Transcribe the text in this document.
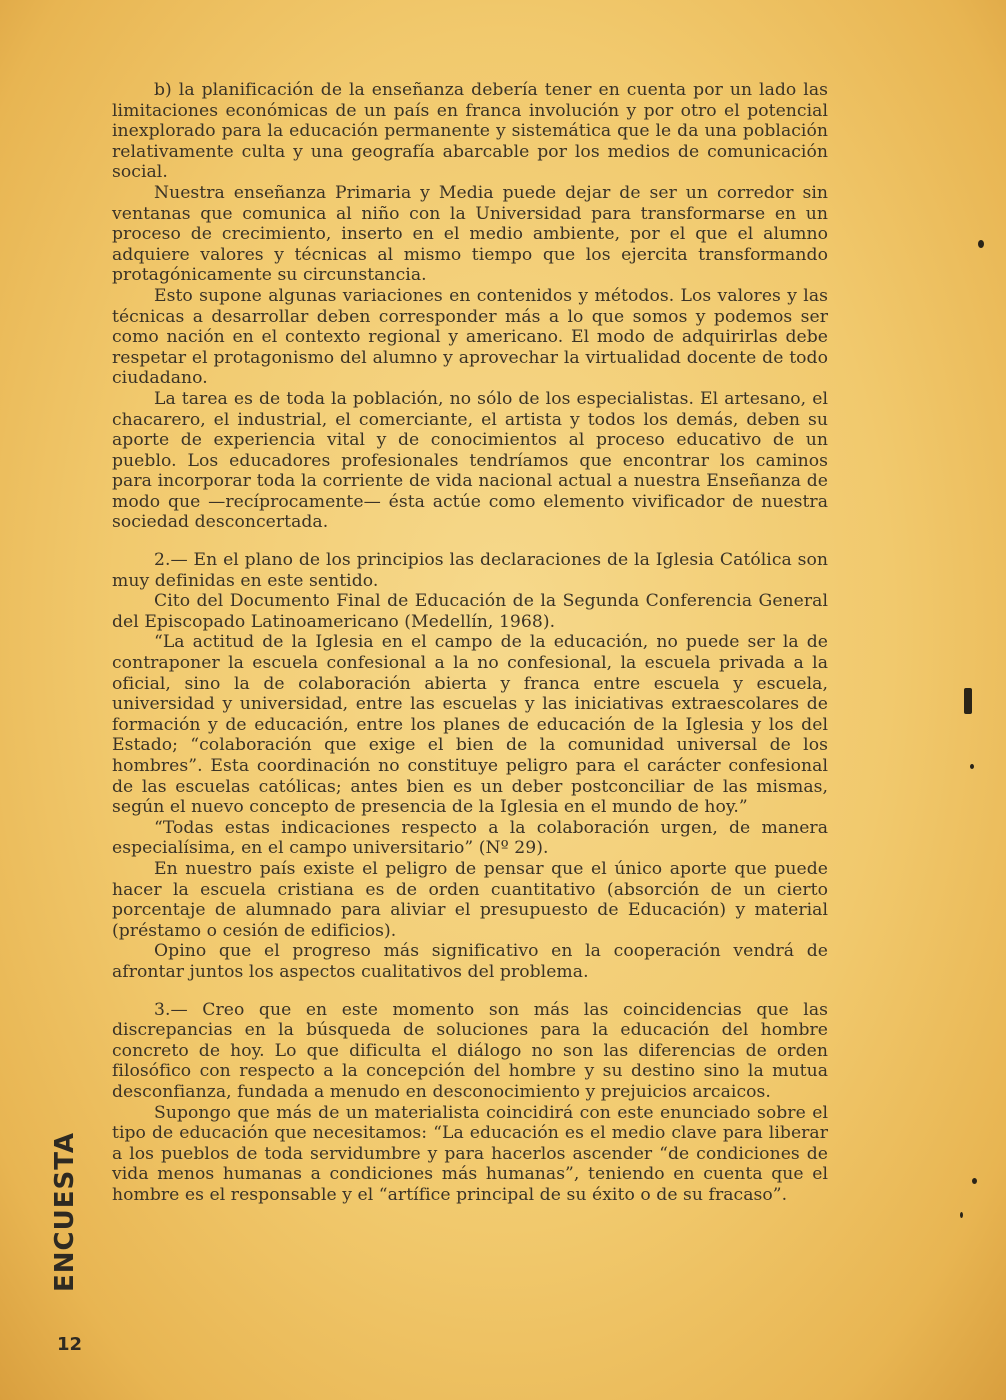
b) la planificación de la enseñanza debería tener en cuenta por un lado las limitaciones económicas de un país en franca involución y por otro el potencial inexplorado para la educación permanente y sistemática que le da una población relativamente culta y una geografía abarcable por los medios de comunicación social.

Nuestra enseñanza Primaria y Media puede dejar de ser un corredor sin ventanas que comunica al niño con la Universidad para transformarse en un proceso de crecimiento, inserto en el medio ambiente, por el que el alumno adquiere valores y técnicas al mismo tiempo que los ejercita transformando protagónicamente su circunstancia.

Esto supone algunas variaciones en contenidos y métodos. Los valores y las técnicas a desarrollar deben corresponder más a lo que somos y podemos ser como nación en el contexto regional y americano. El modo de adquirirlas debe respetar el protagonismo del alumno y aprovechar la virtualidad docente de todo ciudadano.

La tarea es de toda la población, no sólo de los especialistas. El artesano, el chacarero, el industrial, el comerciante, el artista y todos los demás, deben su aporte de experiencia vital y de conocimientos al proceso educativo de un pueblo. Los educadores profesionales tendríamos que encontrar los caminos para incorporar toda la corriente de vida nacional actual a nuestra Enseñanza de modo que —recíprocamente— ésta actúe como elemento vivificador de nuestra sociedad desconcertada.

2.— En el plano de los principios las declaraciones de la Iglesia Católica son muy definidas en este sentido.

Cito del Documento Final de Educación de la Segunda Conferencia General del Episcopado Latinoamericano (Medellín, 1968).

“La actitud de la Iglesia en el campo de la educación, no puede ser la de contraponer la escuela confesional a la no confesional, la escuela privada a la oficial, sino la de colaboración abierta y franca entre escuela y escuela, universidad y universidad, entre las escuelas y las iniciativas extraescolares de formación y de educación, entre los planes de educación de la Iglesia y los del Estado; “colaboración que exige el bien de la comunidad universal de los hombres”. Esta coordinación no constituye peligro para el carácter confesional de las escuelas católicas; antes bien es un deber postconciliar de las mismas, según el nuevo concepto de presencia de la Iglesia en el mundo de hoy.”

“Todas estas indicaciones respecto a la colaboración urgen, de manera especialísima, en el campo universitario” (Nº 29).

En nuestro país existe el peligro de pensar que el único aporte que puede hacer la escuela cristiana es de orden cuantitativo (absorción de un cierto porcentaje de alumnado para aliviar el presupuesto de Educación) y material (préstamo o cesión de edificios).

Opino que el progreso más significativo en la cooperación vendrá de afrontar juntos los aspectos cualitativos del problema.

3.— Creo que en este momento son más las coincidencias que las discrepancias en la búsqueda de soluciones para la educación del hombre concreto de hoy. Lo que dificulta el diálogo no son las diferencias de orden filosófico con respecto a la concepción del hombre y su destino sino la mutua desconfianza, fundada a menudo en desconocimiento y prejuicios arcaicos.

Supongo que más de un materialista coincidirá con este enunciado sobre el tipo de educación que necesitamos: “La educación es el medio clave para liberar a los pueblos de toda servidumbre y para hacerlos ascender “de condiciones de vida menos humanas a condiciones más humanas”, teniendo en cuenta que el hombre es el responsable y el “artífice principal de su éxito o de su fracaso”.

ENCUESTA
12
